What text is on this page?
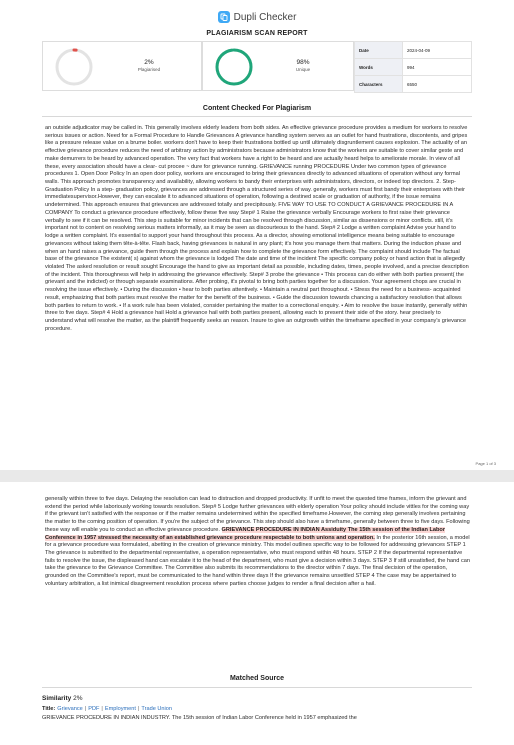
Dupli Checker
PLAGIARISM SCAN REPORT
2%
Plagiarised
98%
Unique
Date	2024-04-09
Words	994
Characters	6550
Content Checked For Plagiarism
an outside adjudicator may be called in. This generally involves elderly leaders from both sides. An effective grievance procedure provides a medium for workers to resolve serious issues or action. Need for a Formal Procedure to Handle Grievances A grievance handling system serves as an outlet for hand frustrations, discontents, and gripes like a pressure release value on a brume boiler. workers don't have to keep their frustrations bottled up until ultimately disgruntlement causes explosion. The actuality of an effective grievance procedure reduces the need of arbitrary action by administrators because administrators know that the workers are suitable to cover similar geste and make demurrers to be heard by advanced operation. The very fact that workers have a right to be heard and are actually heard helps to ameliorate morale. In view of all these, every association should have a clear- cut procee ~ dure for grievance running. GRIEVANCE running PROCEDURE Under two common types of grievance procedures 1. Open Door Policy In an open door policy, workers are encouraged to bring their grievances directly to advanced situations of operation without any formal walls. This approach promotes transparency and availability, allowing workers to bandy their enterprises with administrators, directors, or indeed top directors. 2. Step- Graduation Policy In a step- graduation policy, grievances are addressed through a structured series of way. generally, workers must first bandy their enterprises with their immediatesupervisor.However, they can escalate it to advanced situations of operation, following a destined scale or graduation of authority, if the issue remains undetermined. This approach ensures that grievances are addressed totally and precipitously. FIVE WAY TO USE TO CONDUCT A GRIEVANCE PROCEDURE IN A COMPANY To conduct a grievance procedure effectively, follow these five way Step# 1 Raise the grievance verbally Encourage workers to first raise their grievance verbally to see if it can be resolved. This step is suitable for minor incidents that can be resolved through discussion, similar as dissensions or minor conflicts. still, it's important not to content on resolving serious matters informally, as it may be seen as discourteous to the hand. Step# 2 Lodge a written complaint Advise your hand to lodge a written complaint. It's essential to support your hand throughout this process. As a director, showing emotional intelligence means being suitable to encourage grievances without taking them tête-à-tête. Flash back, having grievances is natural in any plant; it's how you manage them that matters. During the induction phase and when an hand raises a grievance, guide them through the process and explain how to complete the grievance form effectively. The complaint should include The factual base of the grievance The existent( s) against whom the grievance is lodged The date and time of the incident The specific company policy or hand action that is allegedly violated The asked resolution or result sought Encourage the hand to give as important detail as possible, including dates, times, people involved, and a precise description of the incident. This thoroughness will help in addressing the grievance effectively. Step# 3 probe the grievance • This process can do either with both parties present( the grievant and the indicted) or through separate examinations. After probing, it's pivotal to bring both parties together for a discussion. Your agreement chops are crucial in resolving the issue effectively. • During the discussion • hear to both parties attentively. • Maintain a neutral part throughout. • Stress the need for a business- acquainted result, emphasizing that both parties must resolve the matter for the benefit of the business. • Guide the discussion towards chancing a satisfactory resolution that allows both parties to return to work. • If a work rule has been violated, consider pertaining the matter to a correctional enquiry. • Aim to resolve the issue instantly, generally within three to five days. Step# 4 Hold a grievance hail Hold a grievance hail with both parties present, allowing each to present their side of the story. hear precisely to understand what will resolve the matter, as the plaintiff frequently seeks an reason. Insure to give an outgrowth within the timeframe specified in your company's grievance procedure.
Page 1 of 3
generally within three to five days. Delaying the resolution can lead to distraction and dropped productivity. If unfit to meet the quested time frames, inform the grievant and extend the period while laboriously working towards resolution. Step# 5 Lodge further grievances with elderly operation Your policy should include vittles for the coming way if the grievant isn't satisfied with the response or if the matter remains undetermined within the specified timeframe.However, the coming step generally involves pertaining the matter to the coming position of operation. If you're the subject of the grievance. This step should also have a timeframe, generally between three to five days. Following these way will enable you to conduct an effective grievance procedure. GRIEVANCE PROCEDURE IN INDIAN Assiduity The 15th session of the Indian Labor Conference in 1957 stressed the necessity of an established grievance procedure respectable to both unions and operation. In the posterior 16th session, a model for a grievance procedure was formulated, abetting in the creation of grievance ministry. This model outlines specific way to be followed for addressing grievances STEP 1 The grievance is submitted to the departmental representative, a operation representative, who must respond within 48 hours. STEP 2 If the departmental representative fails to resolve the issue, the displeased hand can escalate it to the head of the department, who must give a decision within 3 days. STEP 3 If still unsatisfied, the hand can take the grievance to the Grievance Committee. The Committee also submits its recommendations to the director within 7 days. The final decision of the operation, grounded on the Committee's report, must be communicated to the hand within three days If the grievance remains unsettled STEP 4 The case may be appertained to voluntary arbitration, a list inimical disagreement resolution process where parties choose judges to render a final decision after a hail.
Matched Source
Similarity 2%
Title: Grievance | PDF | Employment | Trade Union
GRIEVANCE PROCEDURE IN INDIAN INDUSTRY. The 15th session of Indian Labor Conference held in 1957 emphasized the
